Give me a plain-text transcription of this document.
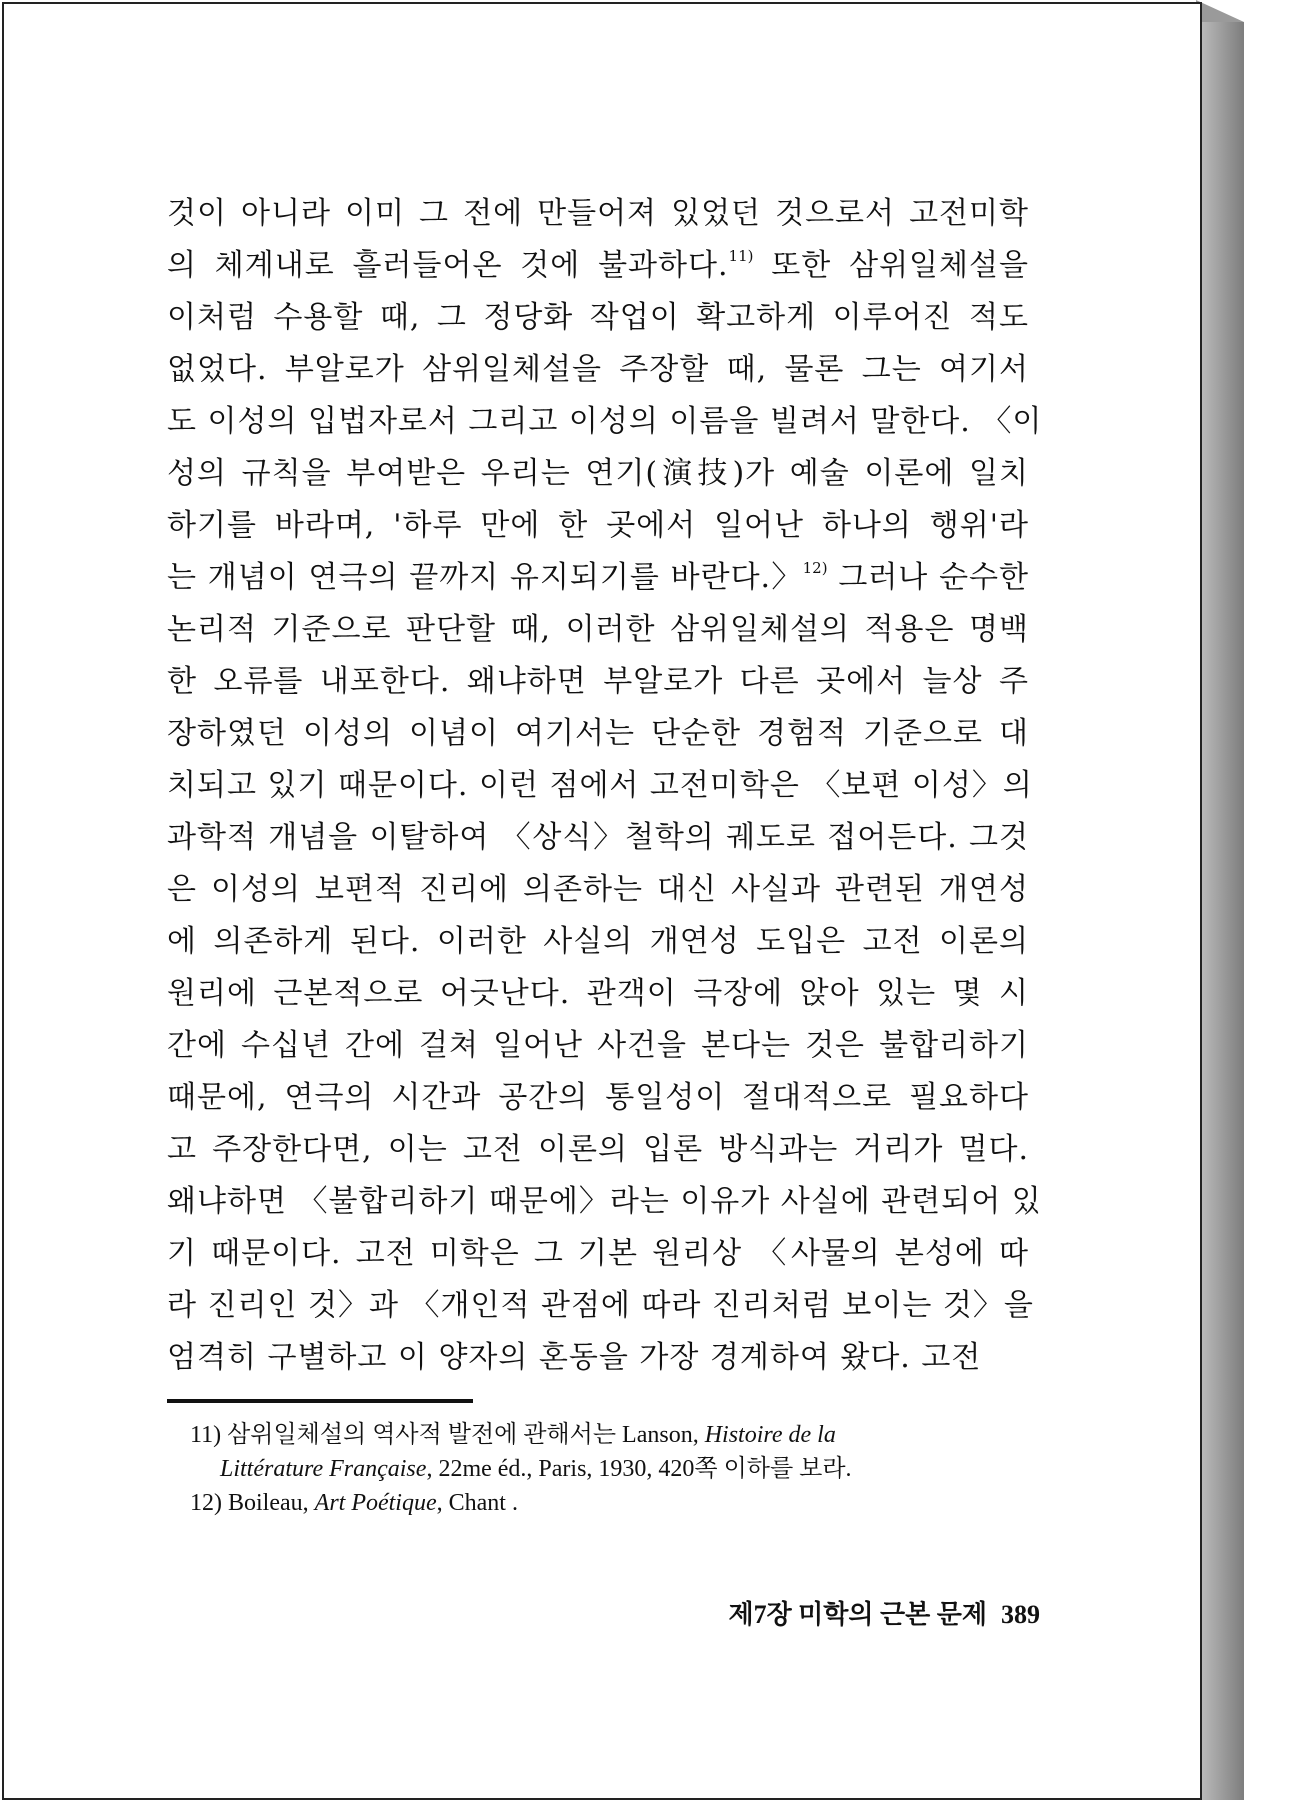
것이 아니라 이미 그 전에 만들어져 있었던 것으로서 고전미학
의 체계내로 흘러들어온 것에 불과하다.$^{11)}$ 또한 삼위일체설을
이처럼 수용할 때, 그 정당화 작업이 확고하게 이루어진 적도
없었다. 부알로가 삼위일체설을 주장할 때, 물론 그는 여기서
도 이성의 입법자로서 그리고 이성의 이름을 빌려서 말한다. 〈이
성의 규칙을 부여받은 우리는 연기(演技)가 예술 이론에 일치
하기를 바라며, '하루 만에 한 곳에서 일어난 하나의 행위'라
는 개념이 연극의 끝까지 유지되기를 바란다.〉$^{12)}$ 그러나 순수한
논리적 기준으로 판단할 때, 이러한 삼위일체설의 적용은 명백
한 오류를 내포한다. 왜냐하면 부알로가 다른 곳에서 늘상 주
장하였던 이성의 이념이 여기서는 단순한 경험적 기준으로 대
치되고 있기 때문이다. 이런 점에서 고전미학은 〈보편 이성〉의
과학적 개념을 이탈하여 〈상식〉철학의 궤도로 접어든다. 그것
은 이성의 보편적 진리에 의존하는 대신 사실과 관련된 개연성
에 의존하게 된다. 이러한 사실의 개연성 도입은 고전 이론의
원리에 근본적으로 어긋난다. 관객이 극장에 앉아 있는 몇 시
간에 수십년 간에 걸쳐 일어난 사건을 본다는 것은 불합리하기
때문에, 연극의 시간과 공간의 통일성이 절대적으로 필요하다
고 주장한다면, 이는 고전 이론의 입론 방식과는 거리가 멀다.
왜냐하면 〈불합리하기 때문에〉라는 이유가 사실에 관련되어 있
기 때문이다. 고전 미학은 그 기본 원리상 〈사물의 본성에 따
라 진리인 것〉과 〈개인적 관점에 따라 진리처럼 보이는 것〉을
엄격히 구별하고 이 양자의 혼동을 가장 경계하여 왔다. 고전
11) 삼위일체설의 역사적 발전에 관해서는 Lanson, Histoire de la
Littérature Française, 22me éd., Paris, 1930, 420쪽 이하를 보라.
12) Boileau, Art Poétique, Chant .
제7장 미학의 근본 문제 389
